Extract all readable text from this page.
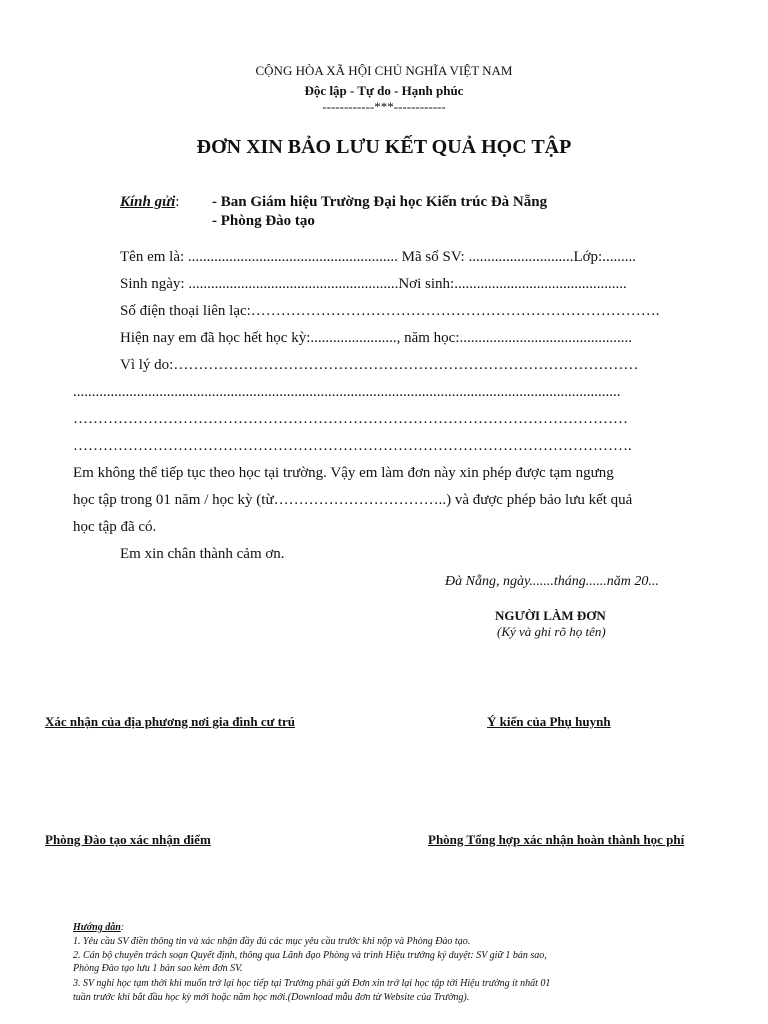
CỘNG HÒA XÃ HỘI CHỦ NGHĨA VIỆT NAM
Độc lập - Tự do - Hạnh phúc
------------***------------
ĐƠN XIN BẢO LƯU KẾT QUẢ HỌC TẬP
Kính gửi: - Ban Giám hiệu Trường Đại học Kiến trúc Đà Nẵng
- Phòng Đào tạo
Tên em là: ........................................................ Mã số SV: ............................Lớp:.........
Sinh ngày: ........................................................Nơi sinh:..............................................
Số điện thoại liên lạc:……………………………………………………………………….
Hiện nay em đã học hết học kỳ:......................., năm học:..............................................
Vì lý do:…………………………………………………………………………………
..................................................................................................................................................
…………………………………………………………………………………………………
………………………………………………………………………………………………….
Em không thể tiếp tục theo học tại trường. Vậy em làm đơn này xin phép được tạm ngưng
học tập trong 01 năm / học kỳ (từ……………………………..) và được phép bảo lưu kết quả
học tập đã có.
Em xin chân thành cảm ơn.
Đà Nẵng, ngày.......tháng......năm 20...
NGƯỜI LÀM ĐƠN
(Ký và ghi rõ họ tên)
Xác nhận của địa phương nơi gia đình cư trú	Ý kiến của Phụ huynh
Phòng Đào tạo xác nhận điểm	Phòng Tổng hợp xác nhận hoàn thành học phí
Hướng dẫn:
1. Yêu cầu SV điền thông tin và xác nhận đầy đủ các mục yêu cầu trước khi nộp và Phòng Đào tạo.
2. Cán bộ chuyên trách soạn Quyết định, thông qua Lãnh đạo Phòng và trình Hiệu trưởng ký duyệt: SV giữ 1 bản sao,
Phòng Đào tạo lưu 1 bản sao kèm đơn SV.
3. SV nghỉ học tạm thời khi muốn trở lại học tiếp tại Trường phải gửi Đơn xin trở lại học tập tới Hiệu trưởng ít nhất 01
tuần trước khi bắt đầu học kỳ mới hoặc năm học mới.(Download mẫu đơn từ Website của Trường).
